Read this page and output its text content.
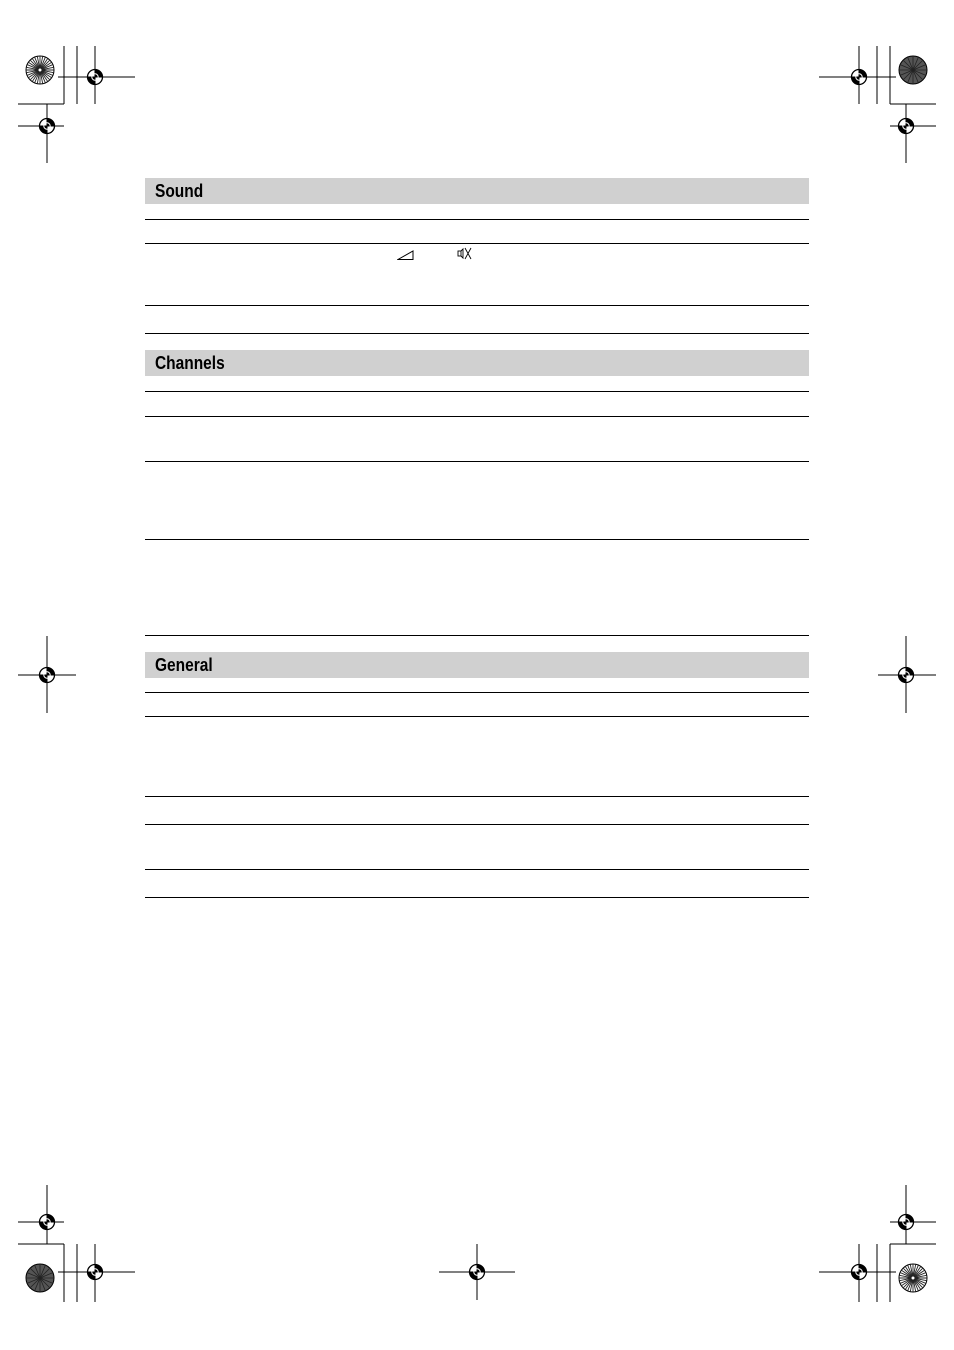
Sound
Channels
General
